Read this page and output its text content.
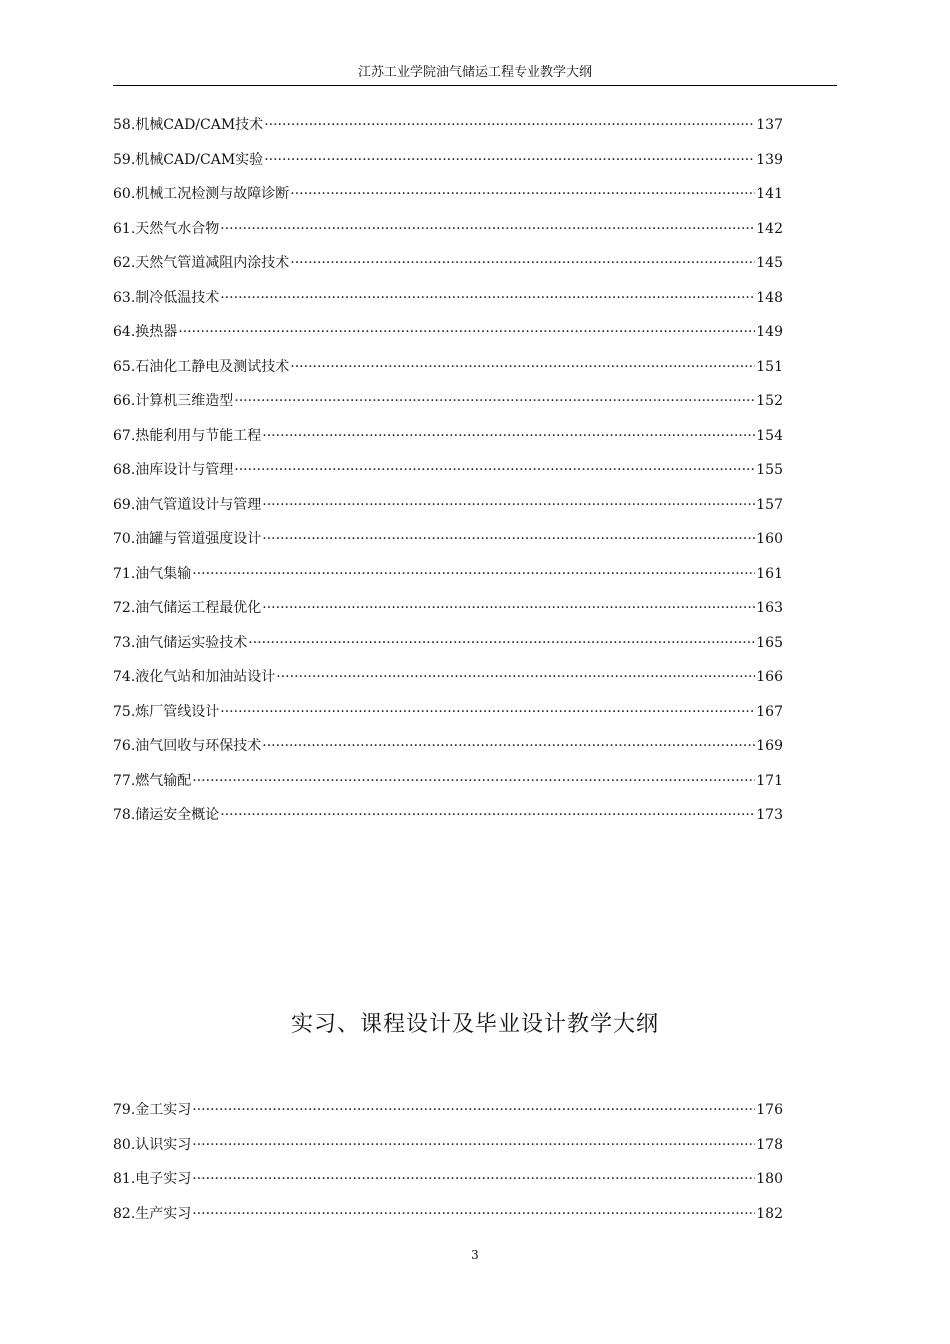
江苏工业学院油气储运工程专业教学大纲
58.机械CAD/CAM技术 ·····	137
59.机械CAD/CAM实验 ·····	139
60.机械工况检测与故障诊断 ·····	141
61.天然气水合物 ·····	142
62.天然气管道减阻内涂技术 ·····	145
63.制冷低温技术 ·····	148
64.换热器 ·····	149
65.石油化工静电及测试技术 ·····	151
66.计算机三维造型 ·····	152
67.热能利用与节能工程 ·····	154
68.油库设计与管理 ·····	155
69.油气管道设计与管理 ·····	157
70.油罐与管道强度设计 ·····	160
71.油气集输 ·····	161
72.油气储运工程最优化 ·····	163
73.油气储运实验技术 ·····	165
74.液化气站和加油站设计 ·····	166
75.炼厂管线设计 ·····	167
76.油气回收与环保技术 ·····	169
77.燃气输配 ·····	171
78.储运安全概论 ·····	173
实习、课程设计及毕业设计教学大纲
79.金工实习 ·····	176
80.认识实习 ·····	178
81.电子实习 ·····	180
82.生产实习 ·····	182
3
